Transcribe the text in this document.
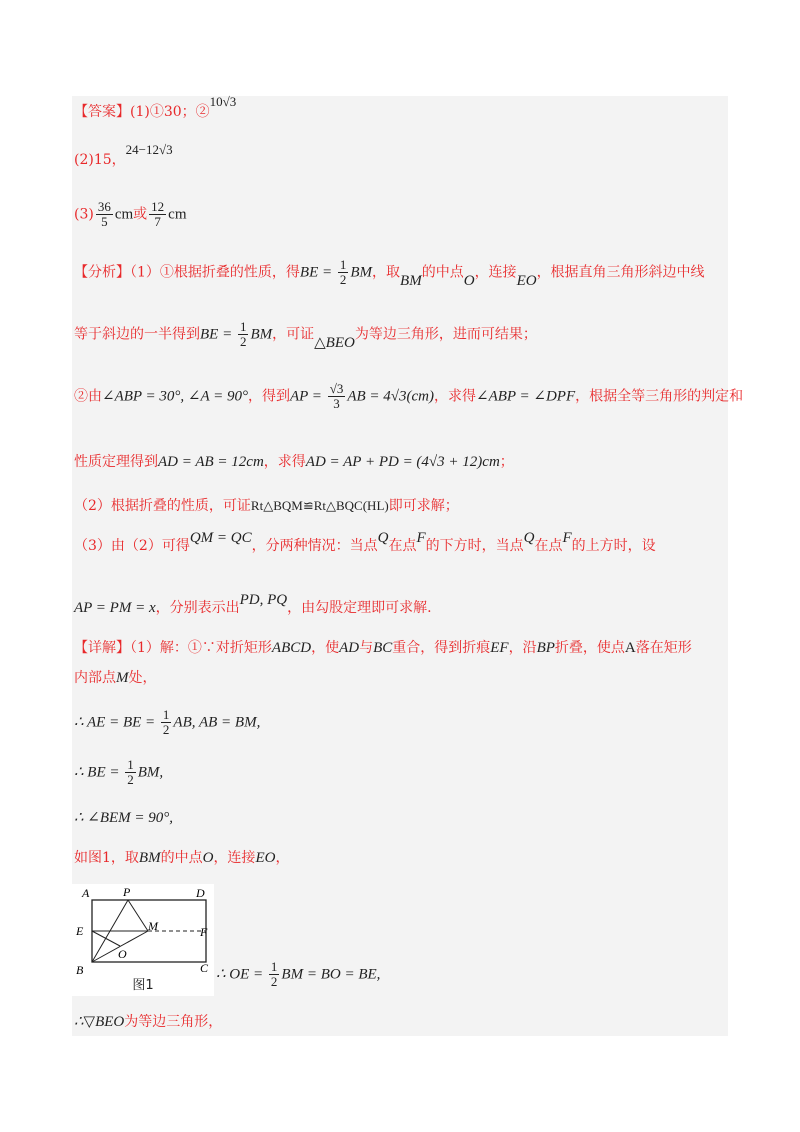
【答案】(1)①30；②10√3
(2)15，24−12√3
$(3) \frac{36}{5}$ cm或 $\frac{12}{7}$ cm
【分析】（1）①根据折叠的性质，得BE = $\frac{1}{2}$ BM，取BM的中点O，连接EO，根据直角三角形斜边中线
等于斜边的一半得到BE = $\frac{1}{2}$ BM，可证△BEO为等边三角形，进而可结果；
②由∠ABP = 30°, ∠A = 90°，得到AP = $\frac{√3}{3}$ AB = 4√3(cm)，求得∠ABP = ∠DPF，根据全等三角形的判定和
性质定理得到AD = AB = 12cm，求得AD = AP + PD = (4√3 + 12)cm；
（2）根据折叠的性质，可证Rt△BQM≌Rt△BQC(HL)即可求解；
（3）由（2）可得QM = QC，分两种情况：当点Q在点F的下方时，当点Q在点F的上方时，设
AP = PM = x，分别表示出PD, PQ，由勾股定理即可求解.
【详解】（1）解：①∵对折矩形ABCD，使AD与BC重合，得到折痕EF，沿BP折叠，使点A落在矩形
内部点M处，
∴ AE = BE = $\frac{1}{2}$ AB, AB = BM,
∴ BE = $\frac{1}{2}$ BM,
∴ ∠BEM = 90°,
如图1，取BM的中点O，连接EO，
A	P	D
E	M	F
O
B	C
图1
∴ OE = $\frac{1}{2}$ BM = BO = BE,
∴▽BEO为等边三角形，
